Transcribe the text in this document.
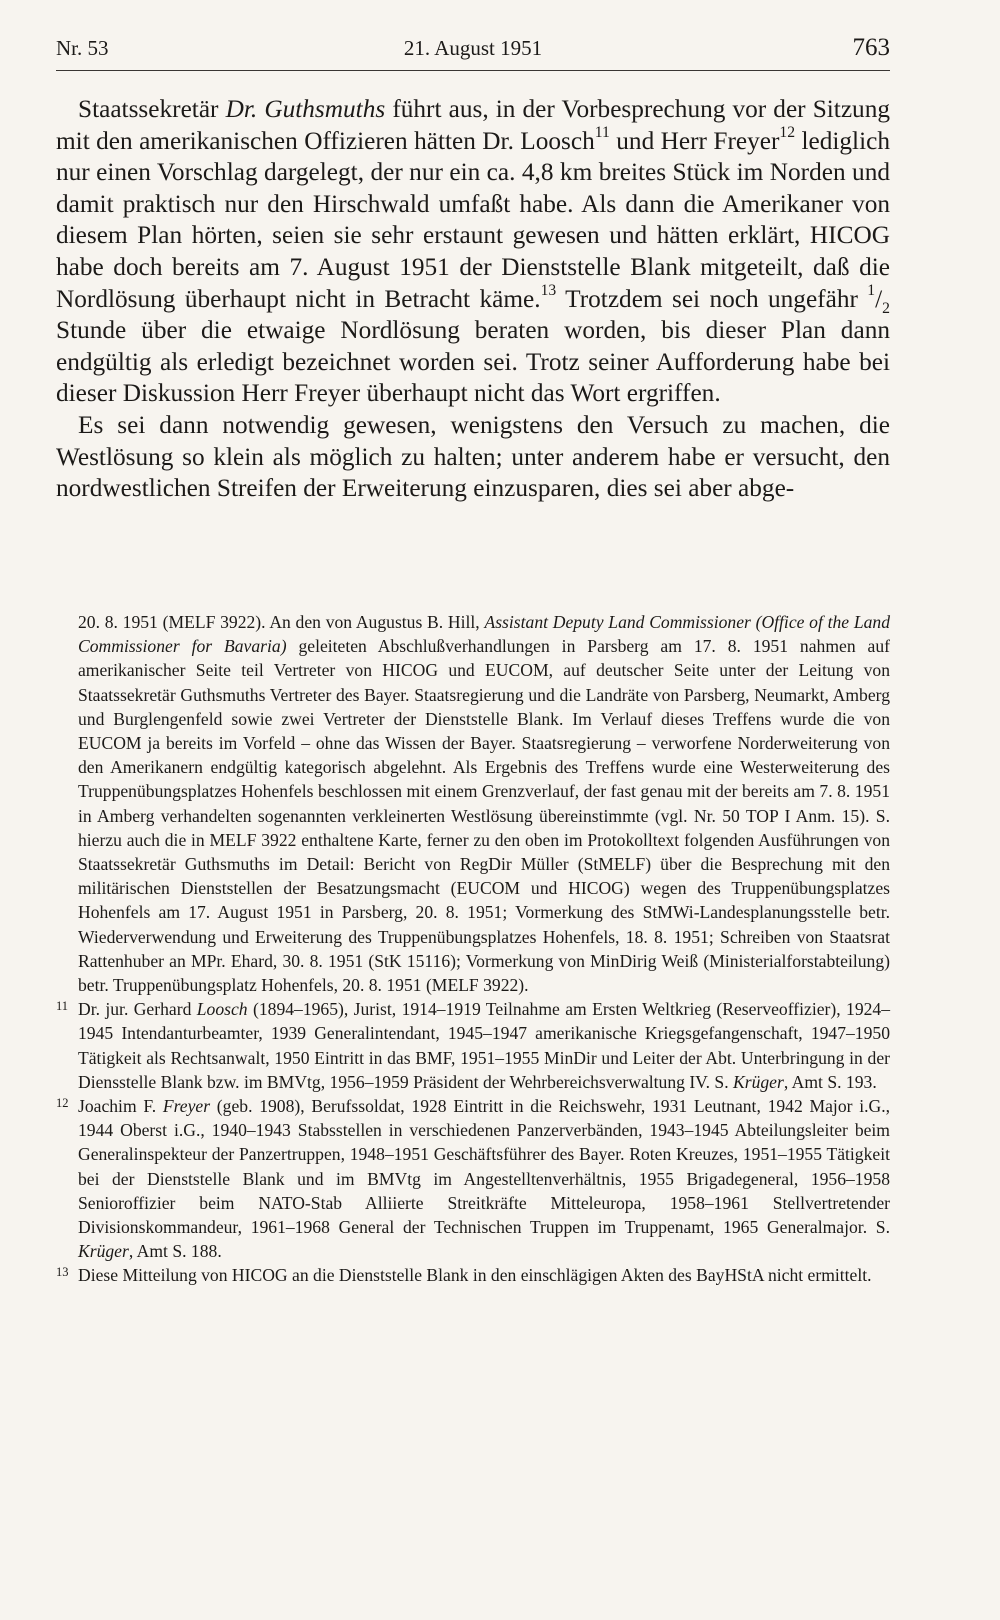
Nr. 53	21. August 1951	763

Staatssekretär Dr. Guthsmuths führt aus, in der Vorbesprechung vor der Sitzung mit den amerikanischen Offizieren hätten Dr. Loosch$^{11}$ und Herr Freyer$^{12}$ lediglich nur einen Vorschlag dargelegt, der nur ein ca. 4,8 km breites Stück im Norden und damit praktisch nur den Hirschwald umfaßt habe. Als dann die Amerikaner von diesem Plan hörten, seien sie sehr erstaunt gewesen und hätten erklärt, HICOG habe doch bereits am 7. August 1951 der Dienststelle Blank mitgeteilt, daß die Nordlösung überhaupt nicht in Betracht käme.$^{13}$ Trotzdem sei noch ungefähr $^1/_2$ Stunde über die etwaige Nordlösung beraten worden, bis dieser Plan dann endgültig als erledigt bezeichnet worden sei. Trotz seiner Aufforderung habe bei dieser Diskussion Herr Freyer überhaupt nicht das Wort ergriffen.

Es sei dann notwendig gewesen, wenigstens den Versuch zu machen, die Westlösung so klein als möglich zu halten; unter anderem habe er versucht, den nordwestlichen Streifen der Erweiterung einzusparen, dies sei aber abge-

20. 8. 1951 (MELF 3922). An den von Augustus B. Hill, Assistant Deputy Land Commissioner (Office of the Land Commissioner for Bavaria) geleiteten Abschlußverhandlungen in Parsberg am 17. 8. 1951 nahmen auf amerikanischer Seite teil Vertreter von HICOG und EUCOM, auf deutscher Seite unter der Leitung von Staatssekretär Guthsmuths Vertreter des Bayer. Staatsregierung und die Landräte von Parsberg, Neumarkt, Amberg und Burglengenfeld sowie zwei Vertreter der Dienststelle Blank. Im Verlauf dieses Treffens wurde die von EUCOM ja bereits im Vorfeld – ohne das Wissen der Bayer. Staatsregierung – verworfene Norderweiterung von den Amerikanern endgültig kategorisch abgelehnt. Als Ergebnis des Treffens wurde eine Westerweiterung des Truppenübungsplatzes Hohenfels beschlossen mit einem Grenzverlauf, der fast genau mit der bereits am 7. 8. 1951 in Amberg verhandelten sogenannten verkleinerten Westlösung übereinstimmte (vgl. Nr. 50 TOP I Anm. 15). S. hierzu auch die in MELF 3922 enthaltene Karte, ferner zu den oben im Protokolltext folgenden Ausführungen von Staatssekretär Guthsmuths im Detail: Bericht von RegDir Müller (StMELF) über die Besprechung mit den militärischen Dienststellen der Besatzungsmacht (EUCOM und HICOG) wegen des Truppenübungsplatzes Hohenfels am 17. August 1951 in Parsberg, 20. 8. 1951; Vormerkung des StMWi-Landesplanungsstelle betr. Wiederverwendung und Erweiterung des Truppenübungsplatzes Hohenfels, 18. 8. 1951; Schreiben von Staatsrat Rattenhuber an MPr. Ehard, 30. 8. 1951 (StK 15116); Vormerkung von MinDirig Weiß (Ministerialforstabteilung) betr. Truppenübungsplatz Hohenfels, 20. 8. 1951 (MELF 3922).

11 Dr. jur. Gerhard Loosch (1894–1965), Jurist, 1914–1919 Teilnahme am Ersten Weltkrieg (Reserveoffizier), 1924–1945 Intendanturbeamter, 1939 Generalintendant, 1945–1947 amerikanische Kriegsgefangenschaft, 1947–1950 Tätigkeit als Rechtsanwalt, 1950 Eintritt in das BMF, 1951–1955 MinDir und Leiter der Abt. Unterbringung in der Diensstelle Blank bzw. im BMVtg, 1956–1959 Präsident der Wehrbereichsverwaltung IV. S. Krüger, Amt S. 193.

12 Joachim F. Freyer (geb. 1908), Berufssoldat, 1928 Eintritt in die Reichswehr, 1931 Leutnant, 1942 Major i.G., 1944 Oberst i.G., 1940–1943 Stabsstellen in verschiedenen Panzerverbänden, 1943–1945 Abteilungsleiter beim Generalinspekteur der Panzertruppen, 1948–1951 Geschäftsführer des Bayer. Roten Kreuzes, 1951–1955 Tätigkeit bei der Dienststelle Blank und im BMVtg im Angestelltenverhältnis, 1955 Brigadegeneral, 1956–1958 Senioroffizier beim NATO-Stab Alliierte Streitkräfte Mitteleuropa, 1958–1961 Stellvertretender Divisionskommandeur, 1961–1968 General der Technischen Truppen im Truppenamt, 1965 Generalmajor. S. Krüger, Amt S. 188.

13 Diese Mitteilung von HICOG an die Dienststelle Blank in den einschlägigen Akten des BayHStA nicht ermittelt.
